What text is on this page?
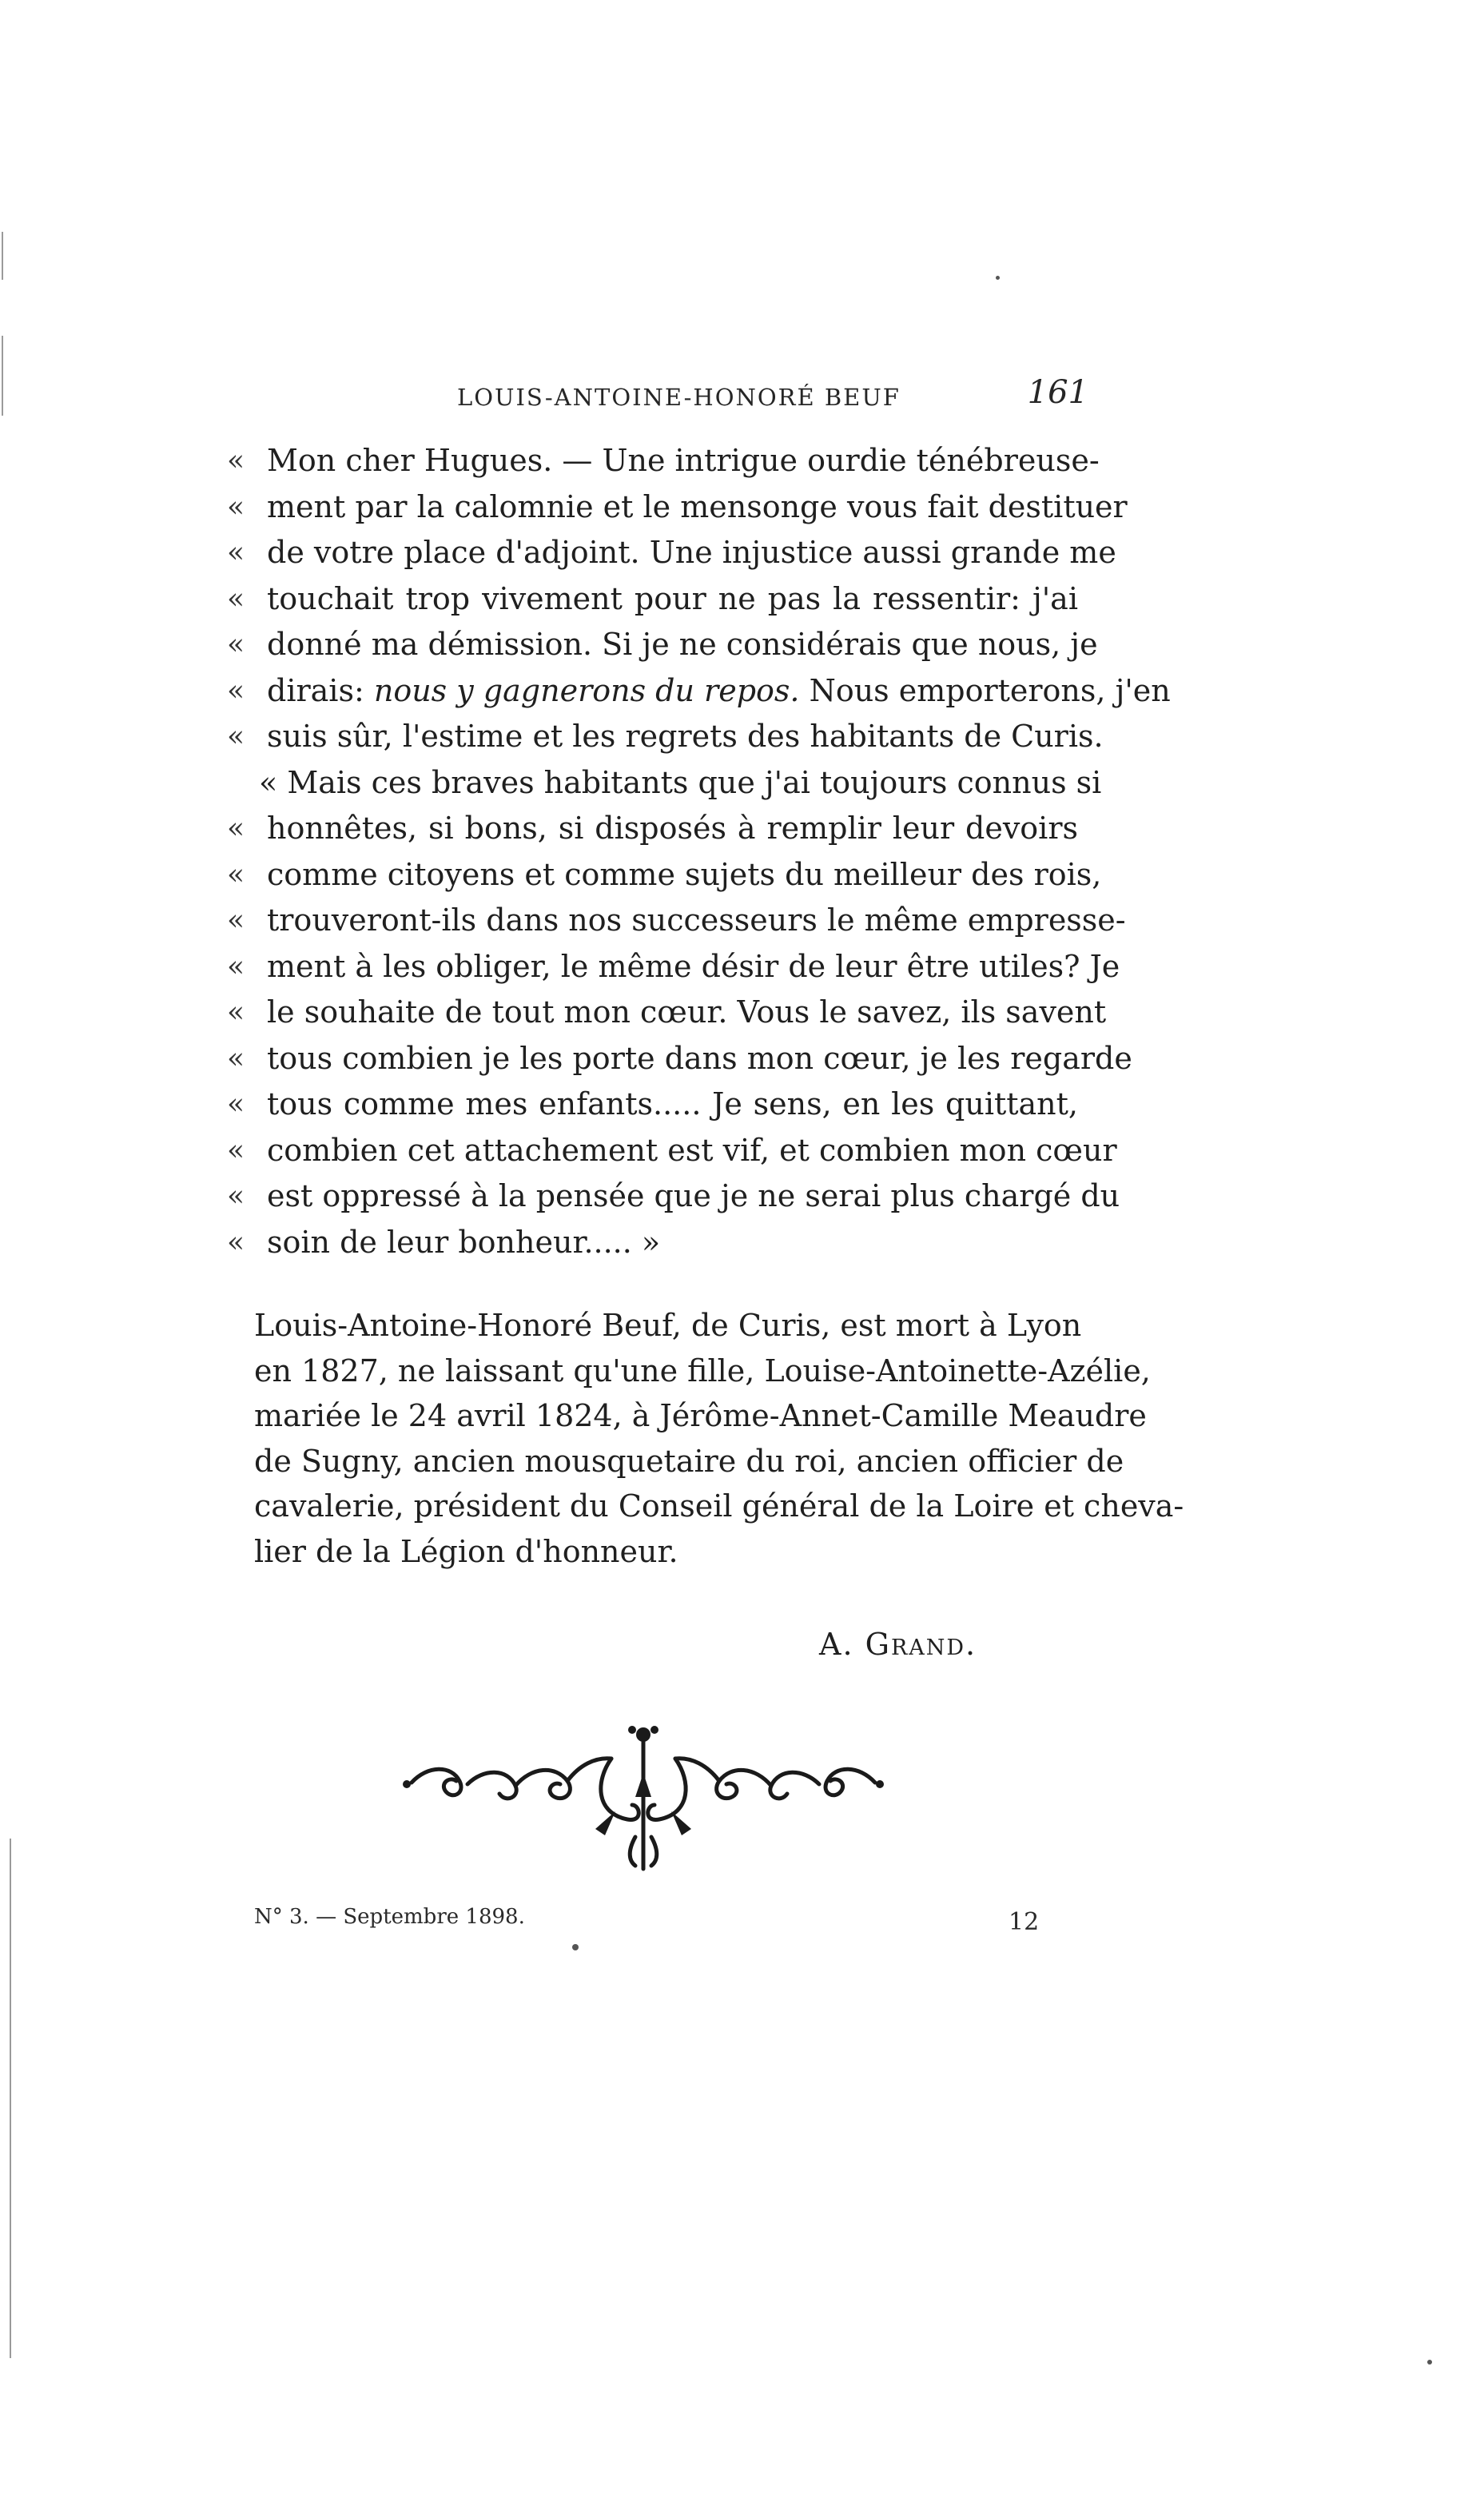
LOUIS-ANTOINE-HONORÉ BEUF	161
« Mon cher Hugues. — Une intrigue ourdie ténébreuse-
« ment par la calomnie et le mensonge vous fait destituer
« de votre place d'adjoint. Une injustice aussi grande me
« touchait trop vivement pour ne pas la ressentir: j'ai
« donné ma démission. Si je ne considérais que nous, je
« dirais: nous y gagnerons du repos. Nous emporterons, j'en
« suis sûr, l'estime et les regrets des habitants de Curis.
« Mais ces braves habitants que j'ai toujours connus si
« honnêtes, si bons, si disposés à remplir leur devoirs
« comme citoyens et comme sujets du meilleur des rois,
« trouveront-ils dans nos successeurs le même empresse-
« ment à les obliger, le même désir de leur être utiles? Je
« le souhaite de tout mon cœur. Vous le savez, ils savent
« tous combien je les porte dans mon cœur, je les regarde
« tous comme mes enfants..... Je sens, en les quittant,
« combien cet attachement est vif, et combien mon cœur
« est oppressé à la pensée que je ne serai plus chargé du
« soin de leur bonheur..... »
Louis-Antoine-Honoré Beuf, de Curis, est mort à Lyon
en 1827, ne laissant qu'une fille, Louise-Antoinette-Azélie,
mariée le 24 avril 1824, à Jérôme-Annet-Camille Meaudre
de Sugny, ancien mousquetaire du roi, ancien officier de
cavalerie, président du Conseil général de la Loire et cheva-
lier de la Légion d'honneur.
A. Grand.
N° 3. — Septembre 1898.	12
